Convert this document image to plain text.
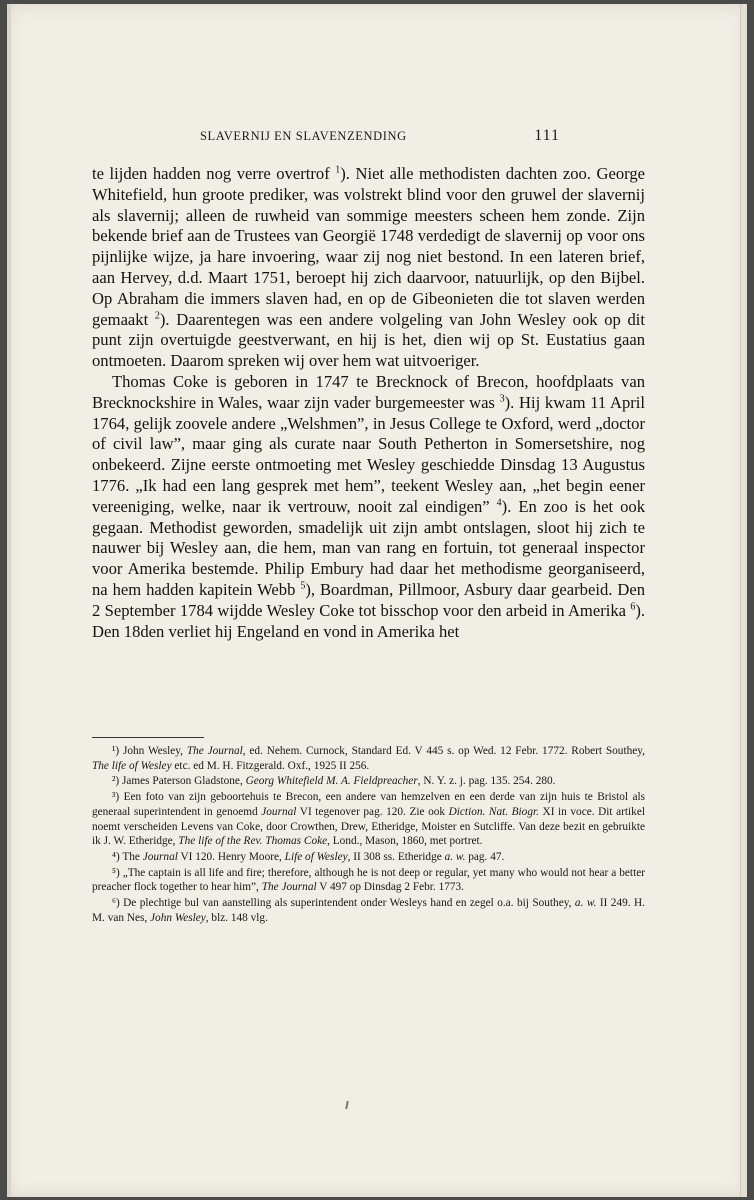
SLAVERNIJ EN SLAVENZENDING	111

te lijden hadden nog verre overtrof $^1$). Niet alle methodisten dachten zoo. George Whitefield, hun groote prediker, was volstrekt blind voor den gruwel der slavernij als slavernij; alleen de ruwheid van sommige meesters scheen hem zonde. Zijn bekende brief aan de Trustees van Georgië 1748 verdedigt de slavernij op voor ons pijnlijke wijze, ja hare invoering, waar zij nog niet bestond. In een lateren brief, aan Hervey, d.d. Maart 1751, beroept hij zich daarvoor, natuurlijk, op den Bijbel. Op Abraham die immers slaven had, en op de Gibeonieten die tot slaven werden gemaakt $^2$). Daarentegen was een andere volgeling van John Wesley ook op dit punt zijn overtuigde geestverwant, en hij is het, dien wij op St. Eustatius gaan ontmoeten. Daarom spreken wij over hem wat uitvoeriger.

Thomas Coke is geboren in 1747 te Brecknock of Brecon, hoofdplaats van Brecknockshire in Wales, waar zijn vader burgemeester was $^3$). Hij kwam 11 April 1764, gelijk zoovele andere „Welshmen”, in Jesus College te Oxford, werd „doctor of civil law”, maar ging als curate naar South Petherton in Somersetshire, nog onbekeerd. Zijne eerste ontmoeting met Wesley geschiedde Dinsdag 13 Augustus 1776. „Ik had een lang gesprek met hem”, teekent Wesley aan, „het begin eener vereeniging, welke, naar ik vertrouw, nooit zal eindigen” $^4$). En zoo is het ook gegaan. Methodist geworden, smadelijk uit zijn ambt ontslagen, sloot hij zich te nauwer bij Wesley aan, die hem, man van rang en fortuin, tot generaal inspector voor Amerika bestemde. Philip Embury had daar het methodisme georganiseerd, na hem hadden kapitein Webb $^5$), Boardman, Pillmoor, Asbury daar gearbeid. Den 2 September 1784 wijdde Wesley Coke tot bisschop voor den arbeid in Amerika $^6$). Den 18den verliet hij Engeland en vond in Amerika het

¹) John Wesley, The Journal, ed. Nehem. Curnock, Standard Ed. V 445 s. op Wed. 12 Febr. 1772. Robert Southey, The life of Wesley etc. ed M. H. Fitzgerald. Oxf., 1925 II 256.

²) James Paterson Gladstone, Georg Whitefield M. A. Fieldpreacher, N. Y. z. j. pag. 135. 254. 280.

³) Een foto van zijn geboortehuis te Brecon, een andere van hemzelven en een derde van zijn huis te Bristol als generaal superintendent in genoemd Journal VI tegenover pag. 120. Zie ook Diction. Nat. Biogr. XI in voce. Dit artikel noemt verscheiden Levens van Coke, door Crowthen, Drew, Etheridge, Moister en Sutcliffe. Van deze bezit en gebruikte ik J. W. Etheridge, The life of the Rev. Thomas Coke, Lond., Mason, 1860, met portret.

⁴) The Journal VI 120. Henry Moore, Life of Wesley, II 308 ss. Etheridge a. w. pag. 47.

⁵) „The captain is all life and fire; therefore, although he is not deep or regular, yet many who would not hear a better preacher flock together to hear him”, The Journal V 497 op Dinsdag 2 Febr. 1773.

⁶) De plechtige bul van aanstelling als superintendent onder Wesleys hand en zegel o.a. bij Southey, a. w. II 249. H. M. van Nes, John Wesley, blz. 148 vlg.
